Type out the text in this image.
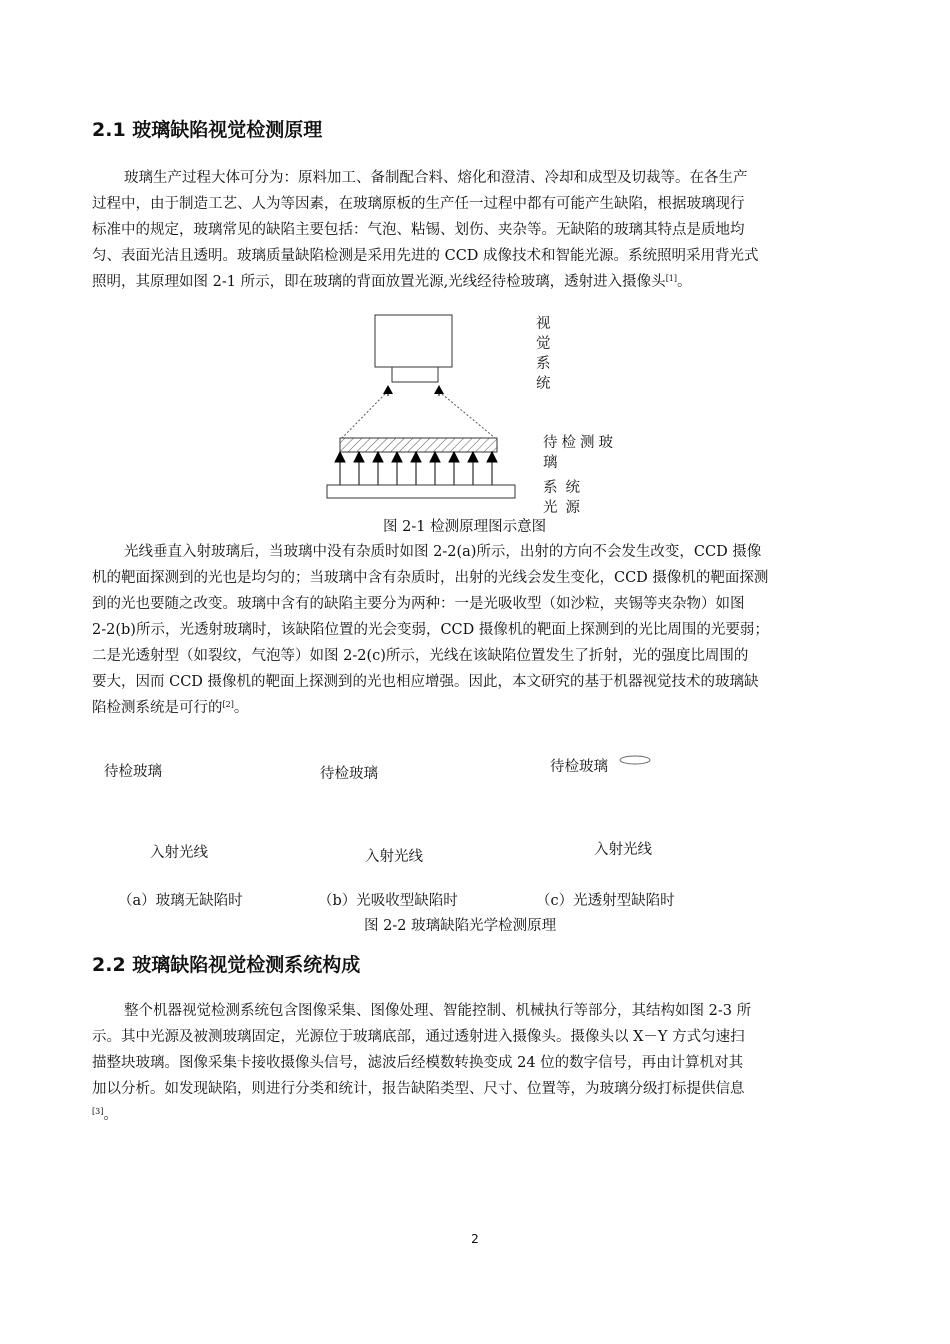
2.1 玻璃缺陷视觉检测原理
玻璃生产过程大体可分为：原料加工、备制配合料、熔化和澄清、冷却和成型及切裁等。在各生产
过程中，由于制造工艺、人为等因素，在玻璃原板的生产任一过程中都有可能产生缺陷，根据玻璃现行
标准中的规定，玻璃常见的缺陷主要包括：气泡、粘锡、划伤、夹杂等。无缺陷的玻璃其特点是质地均
匀、表面光洁且透明。玻璃质量缺陷检测是采用先进的 CCD 成像技术和智能光源。系统照明采用背光式
照明，其原理如图 2-1 所示，即在玻璃的背面放置光源,光线经待检玻璃，透射进入摄像头[1]。
视觉系统
待检测玻璃
系统光源
图 2-1 检测原理图示意图
光线垂直入射玻璃后，当玻璃中没有杂质时如图 2-2(a)所示，出射的方向不会发生改变，CCD 摄像
机的靶面探测到的光也是均匀的；当玻璃中含有杂质时，出射的光线会发生变化，CCD 摄像机的靶面探测
到的光也要随之改变。玻璃中含有的缺陷主要分为两种：一是光吸收型（如沙粒，夹锡等夹杂物）如图
2-2(b)所示，光透射玻璃时，该缺陷位置的光会变弱，CCD 摄像机的靶面上探测到的光比周围的光要弱；
二是光透射型（如裂纹，气泡等）如图 2-2(c)所示，光线在该缺陷位置发生了折射，光的强度比周围的
要大，因而 CCD 摄像机的靶面上探测到的光也相应增强。因此，本文研究的基于机器视觉技术的玻璃缺
陷检测系统是可行的[2]。
待检玻璃	待检玻璃	待检玻璃
入射光线	入射光线	入射光线
（a）玻璃无缺陷时	（b）光吸收型缺陷时	（c）光透射型缺陷时
图 2-2 玻璃缺陷光学检测原理
2.2 玻璃缺陷视觉检测系统构成
整个机器视觉检测系统包含图像采集、图像处理、智能控制、机械执行等部分，其结构如图 2-3 所
示。其中光源及被测玻璃固定，光源位于玻璃底部，通过透射进入摄像头。摄像头以 X－Y 方式匀速扫
描整块玻璃。图像采集卡接收摄像头信号，滤波后经模数转换变成 24 位的数字信号，再由计算机对其
加以分析。如发现缺陷，则进行分类和统计，报告缺陷类型、尺寸、位置等，为玻璃分级打标提供信息
[3]。
2
